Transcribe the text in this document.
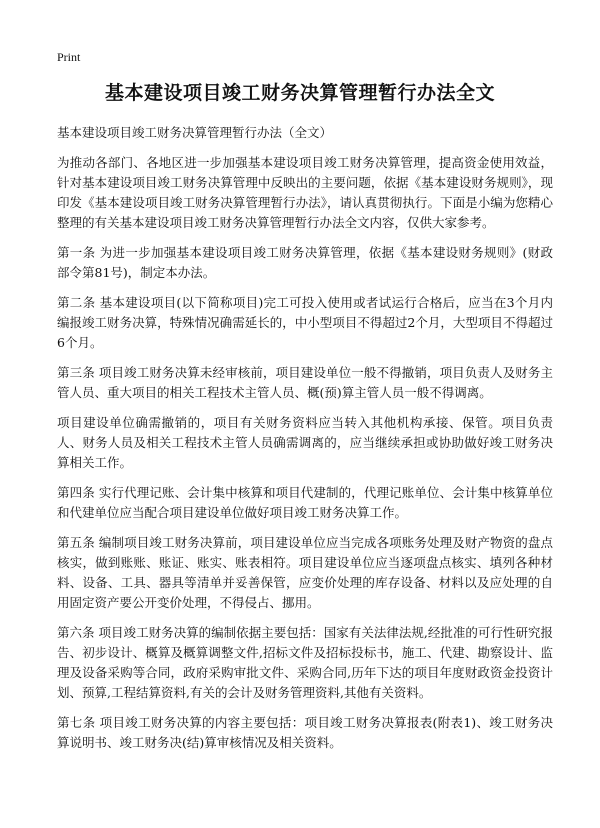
Print
基本建设项目竣工财务决算管理暂行办法全文

基本建设项目竣工财务决算管理暂行办法（全文）

为推动各部门、各地区进一步加强基本建设项目竣工财务决算管理，提高资金使用效益，针对基本建设项目竣工财务决算管理中反映出的主要问题，依据《基本建设财务规则》，现印发《基本建设项目竣工财务决算管理暂行办法》，请认真贯彻执行。下面是小编为您精心整理的有关基本建设项目竣工财务决算管理暂行办法全文内容，仅供大家参考。

第一条 为进一步加强基本建设项目竣工财务决算管理，依据《基本建设财务规则》(财政部令第81号)，制定本办法。

第二条 基本建设项目(以下简称项目)完工可投入使用或者试运行合格后，应当在3个月内编报竣工财务决算，特殊情况确需延长的，中小型项目不得超过2个月，大型项目不得超过6个月。

第三条 项目竣工财务决算未经审核前，项目建设单位一般不得撤销，项目负责人及财务主管人员、重大项目的相关工程技术主管人员、概(预)算主管人员一般不得调离。

项目建设单位确需撤销的，项目有关财务资料应当转入其他机构承接、保管。项目负责人、财务人员及相关工程技术主管人员确需调离的，应当继续承担或协助做好竣工财务决算相关工作。

第四条 实行代理记账、会计集中核算和项目代建制的，代理记账单位、会计集中核算单位和代建单位应当配合项目建设单位做好项目竣工财务决算工作。

第五条 编制项目竣工财务决算前，项目建设单位应当完成各项账务处理及财产物资的盘点核实，做到账账、账证、账实、账表相符。项目建设单位应当逐项盘点核实、填列各种材料、设备、工具、器具等清单并妥善保管，应变价处理的库存设备、材料以及应处理的自用固定资产要公开变价处理，不得侵占、挪用。

第六条 项目竣工财务决算的编制依据主要包括：国家有关法律法规,经批准的可行性研究报告、初步设计、概算及概算调整文件,招标文件及招标投标书，施工、代建、勘察设计、监理及设备采购等合同，政府采购审批文件、采购合同,历年下达的项目年度财政资金投资计划、预算,工程结算资料,有关的会计及财务管理资料,其他有关资料。

第七条 项目竣工财务决算的内容主要包括：项目竣工财务决算报表(附表1)、竣工财务决算说明书、竣工财务决(结)算审核情况及相关资料。
